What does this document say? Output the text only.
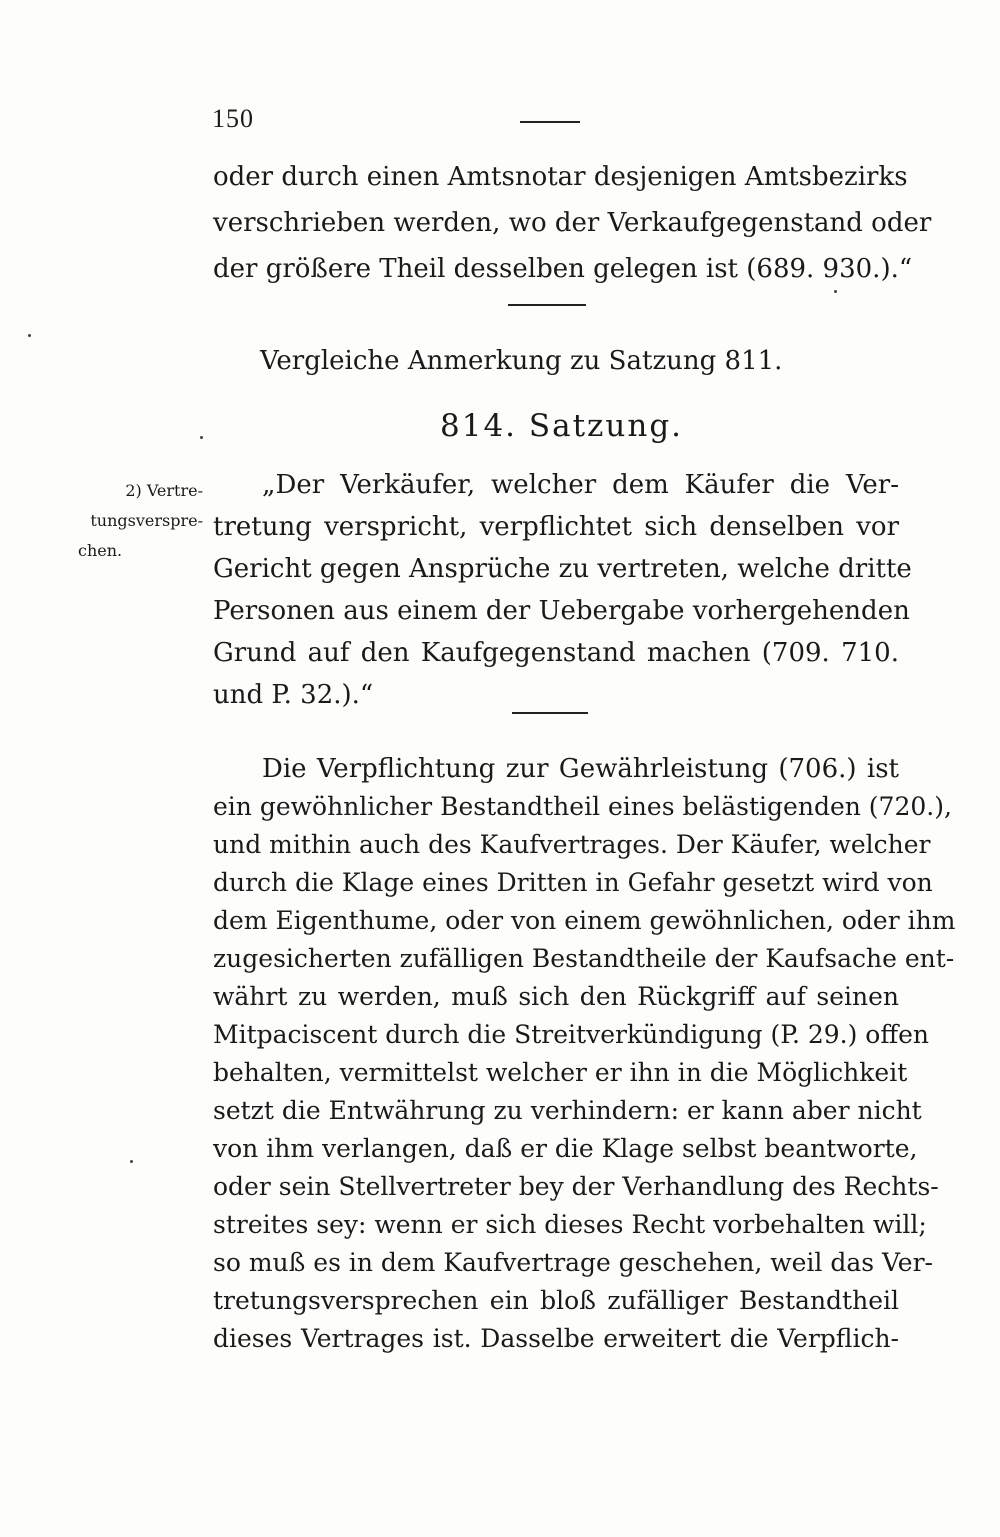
150
oder durch einen Amtsnotar desjenigen Amtsbezirks
verschrieben werden, wo der Verkaufgegenstand oder
der größere Theil desselben gelegen ist (689. 930.).“
Vergleiche Anmerkung zu Satzung 811.
814. Satzung.
2) Vertre-
tungsversprе-
chen.
„Der Verkäufer, welcher dem Käufer die Ver-
tretung verspricht, verpflichtet sich denselben vor
Gericht gegen Ansprüche zu vertreten, welche dritte
Personen aus einem der Uebergabe vorhergehenden
Grund auf den Kaufgegenstand machen (709. 710.
und P. 32.).“
Die Verpflichtung zur Gewährleistung (706.) ist
ein gewöhnlicher Bestandtheil eines belästigenden (720.),
und mithin auch des Kaufvertrages. Der Käufer, welcher
durch die Klage eines Dritten in Gefahr gesetzt wird von
dem Eigenthume, oder von einem gewöhnlichen, oder ihm
zugesicherten zufälligen Bestandtheile der Kaufsache ent-
währt zu werden, muß sich den Rückgriff auf seinen
Mitpaciscent durch die Streitverkündigung (P. 29.) offen
behalten, vermittelst welcher er ihn in die Möglichkeit
setzt die Entwährung zu verhindern: er kann aber nicht
von ihm verlangen, daß er die Klage selbst beantworte,
oder sein Stellvertreter bey der Verhandlung des Rechts-
streites sey: wenn er sich dieses Recht vorbehalten will;
so muß es in dem Kaufvertrage geschehen, weil das Ver-
tretungsversprechen ein bloß zufälliger Bestandtheil
dieses Vertrages ist. Dasselbe erweitert die Verpflich-
